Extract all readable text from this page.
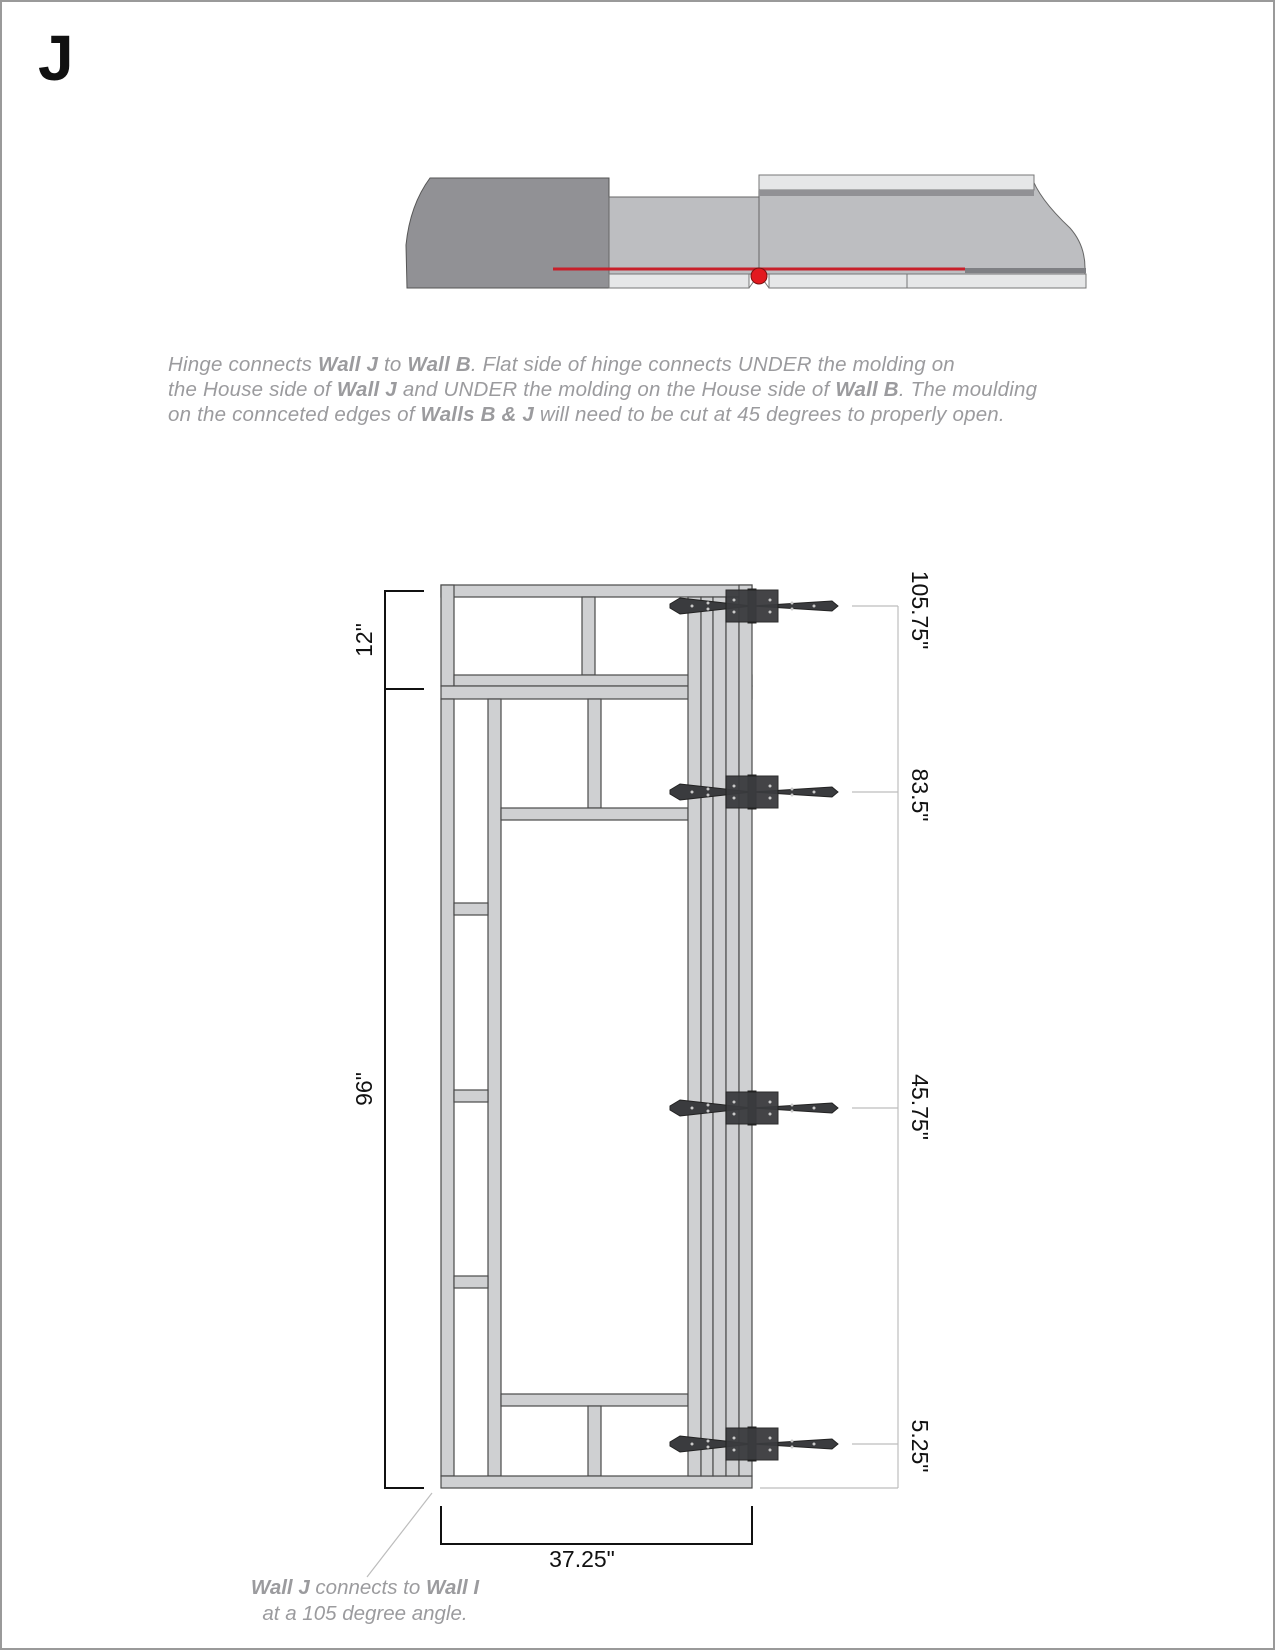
J
Hinge connects Wall J to Wall B. Flat side of hinge connects UNDER the molding on
the House side of Wall J and UNDER the molding on the House side of Wall B. The moulding
on the connceted edges of Walls B & J will need to be cut at 45 degrees to properly open.
12"
96"
37.25"
105.75"
83.5"
45.75"
5.25"
Wall J connects to Wall I
at a 105 degree angle.
